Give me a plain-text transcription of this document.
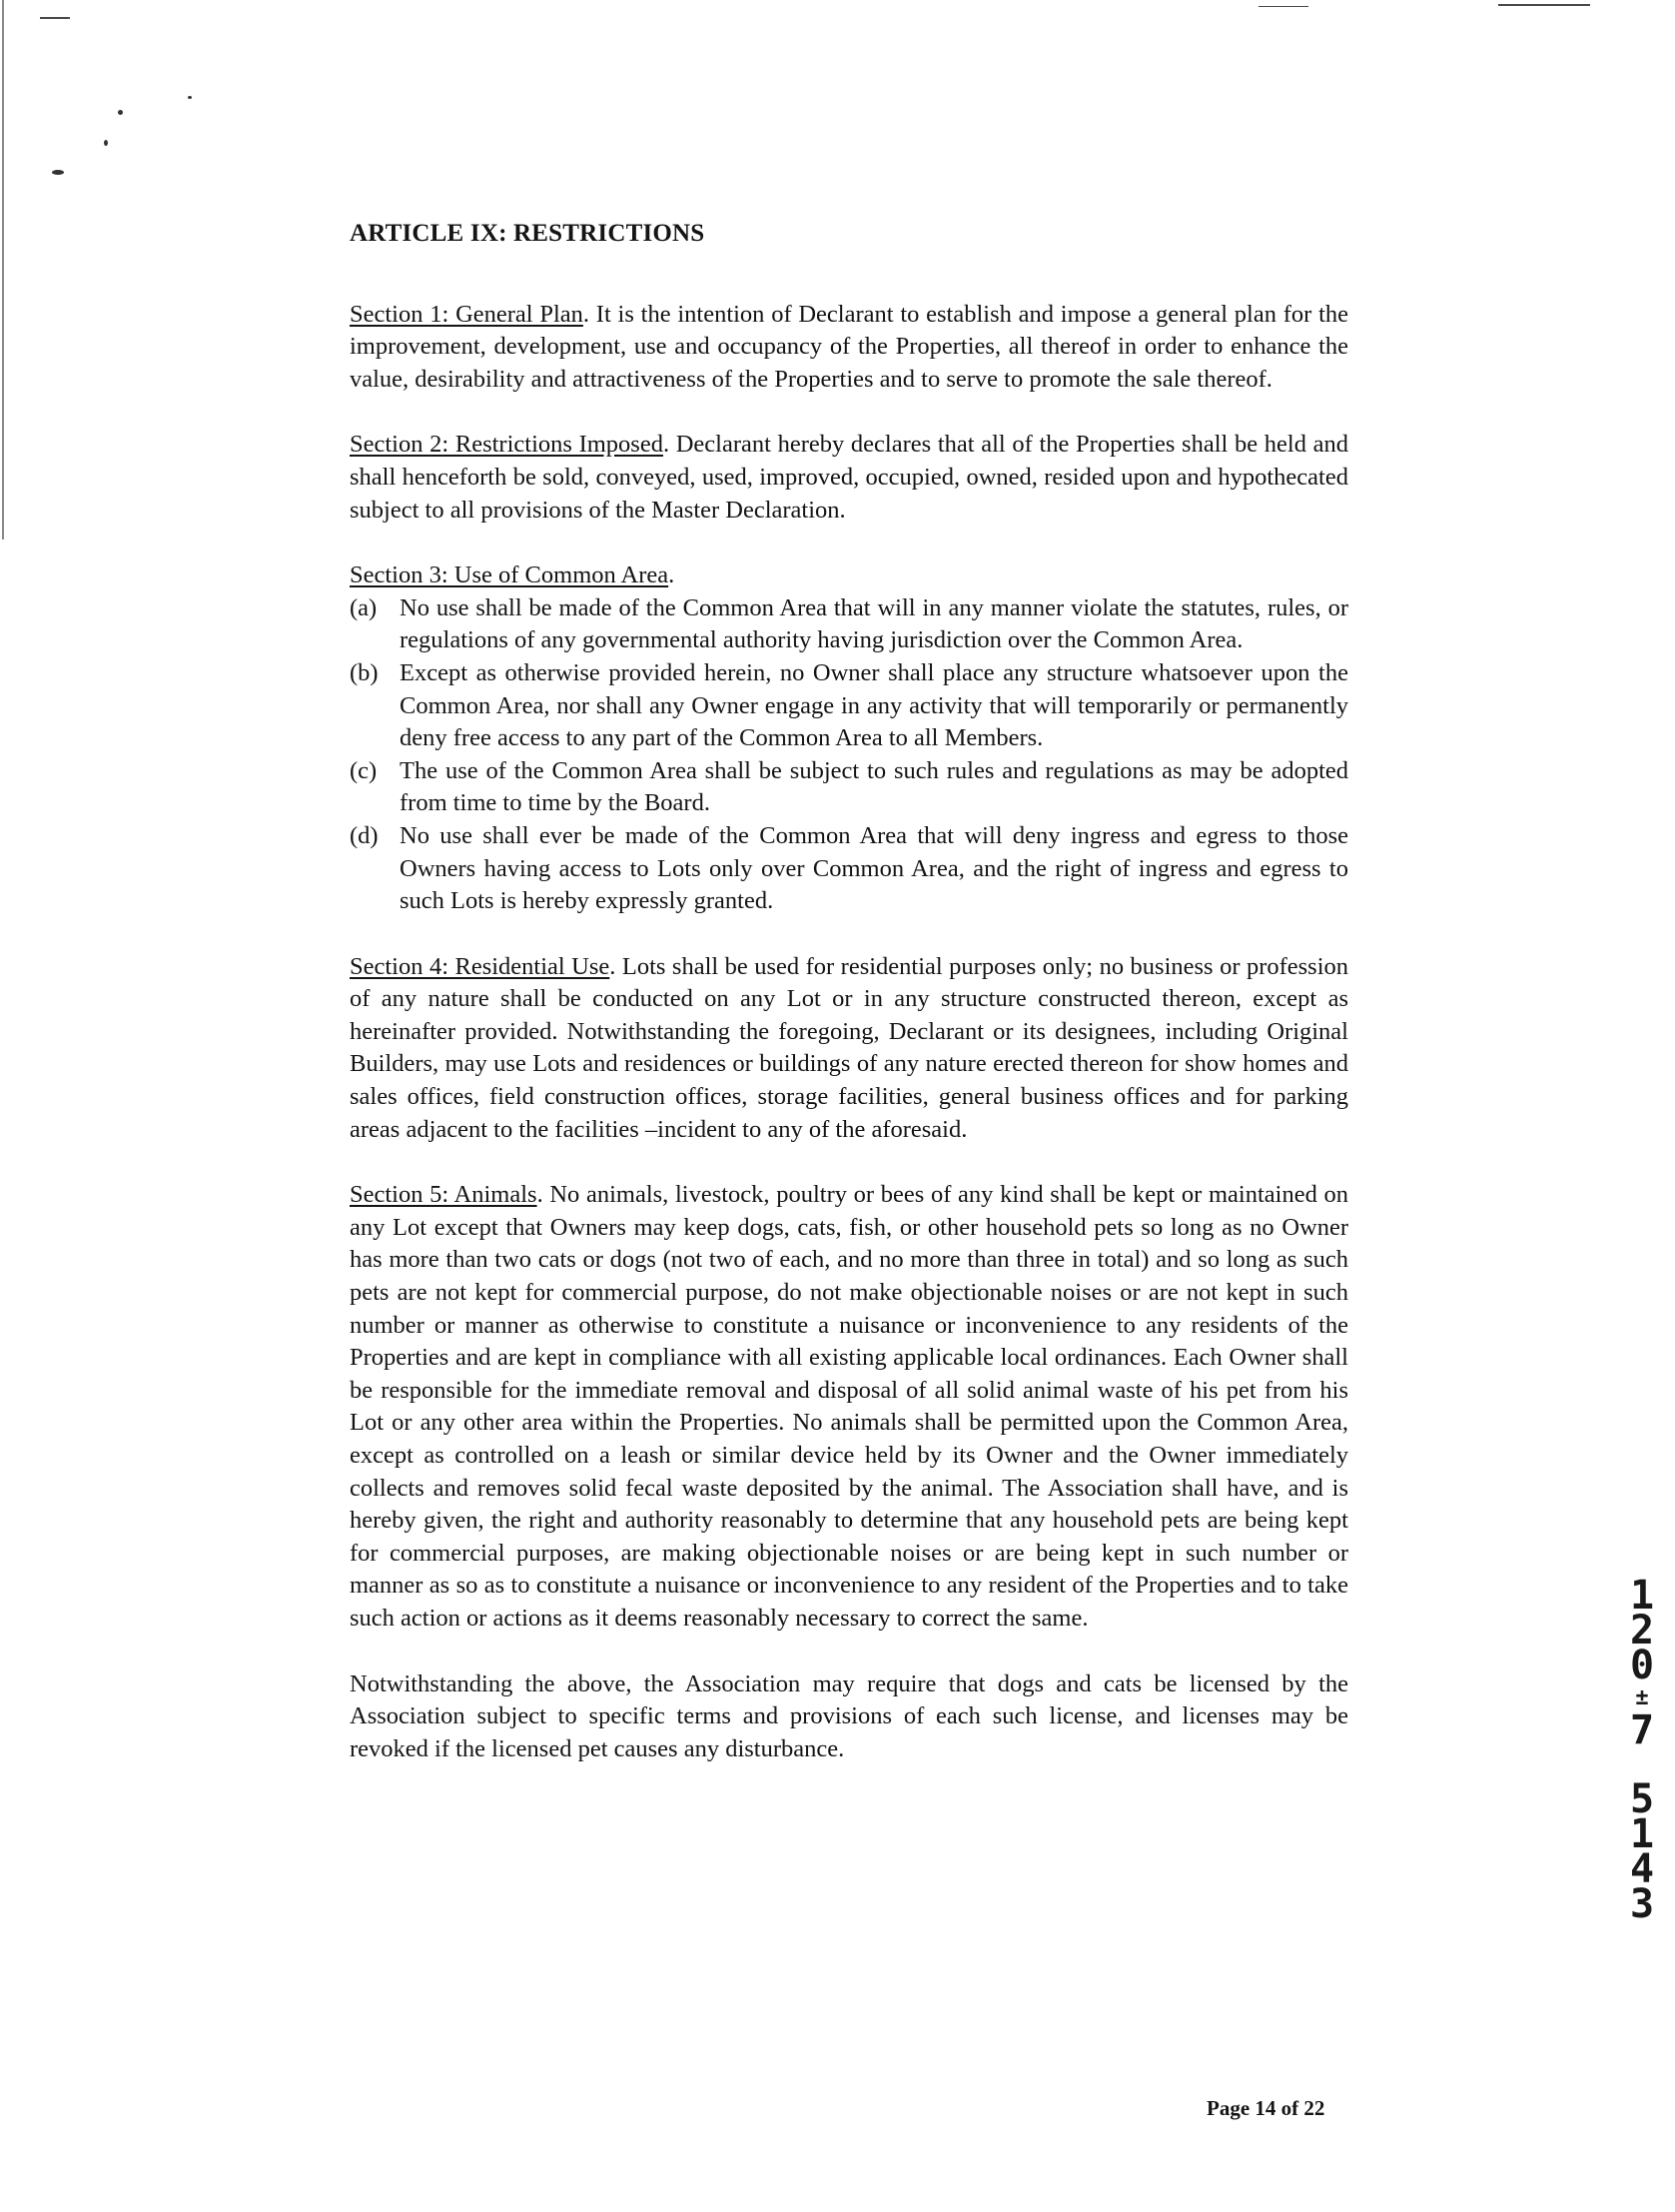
ARTICLE IX: RESTRICTIONS

Section 1: General Plan. It is the intention of Declarant to establish and impose a general plan for the improvement, development, use and occupancy of the Properties, all thereof in order to enhance the value, desirability and attractiveness of the Properties and to serve to promote the sale thereof.

Section 2: Restrictions Imposed. Declarant hereby declares that all of the Properties shall be held and shall henceforth be sold, conveyed, used, improved, occupied, owned, resided upon and hypothecated subject to all provisions of the Master Declaration.

Section 3: Use of Common Area.

(a) No use shall be made of the Common Area that will in any manner violate the statutes, rules, or regulations of any governmental authority having jurisdiction over the Common Area.
(b) Except as otherwise provided herein, no Owner shall place any structure whatsoever upon the Common Area, nor shall any Owner engage in any activity that will temporarily or permanently deny free access to any part of the Common Area to all Members.
(c) The use of the Common Area shall be subject to such rules and regulations as may be adopted from time to time by the Board.
(d) No use shall ever be made of the Common Area that will deny ingress and egress to those Owners having access to Lots only over Common Area, and the right of ingress and egress to such Lots is hereby expressly granted.

Section 4: Residential Use. Lots shall be used for residential purposes only; no business or profession of any nature shall be conducted on any Lot or in any structure constructed thereon, except as hereinafter provided. Notwithstanding the foregoing, Declarant or its designees, including Original Builders, may use Lots and residences or buildings of any nature erected thereon for show homes and sales offices, field construction offices, storage facilities, general business offices and for parking areas adjacent to the facilities –incident to any of the aforesaid.

Section 5: Animals. No animals, livestock, poultry or bees of any kind shall be kept or maintained on any Lot except that Owners may keep dogs, cats, fish, or other household pets so long as no Owner has more than two cats or dogs (not two of each, and no more than three in total) and so long as such pets are not kept for commercial purpose, do not make objectionable noises or are not kept in such number or manner as otherwise to constitute a nuisance or inconvenience to any residents of the Properties and are kept in compliance with all existing applicable local ordinances. Each Owner shall be responsible for the immediate removal and disposal of all solid animal waste of his pet from his Lot or any other area within the Properties. No animals shall be permitted upon the Common Area, except as controlled on a leash or similar device held by its Owner and the Owner immediately collects and removes solid fecal waste deposited by the animal. The Association shall have, and is hereby given, the right and authority reasonably to determine that any household pets are being kept for commercial purposes, are making objectionable noises or are being kept in such number or manner as so as to constitute a nuisance or inconvenience to any resident of the Properties and to take such action or actions as it deems reasonably necessary to correct the same.

Notwithstanding the above, the Association may require that dogs and cats be licensed by the Association subject to specific terms and provisions of each such license, and licenses may be revoked if the licensed pet causes any disturbance.

Page 14 of 22
1
2
0
±
7
5
1
4
3
